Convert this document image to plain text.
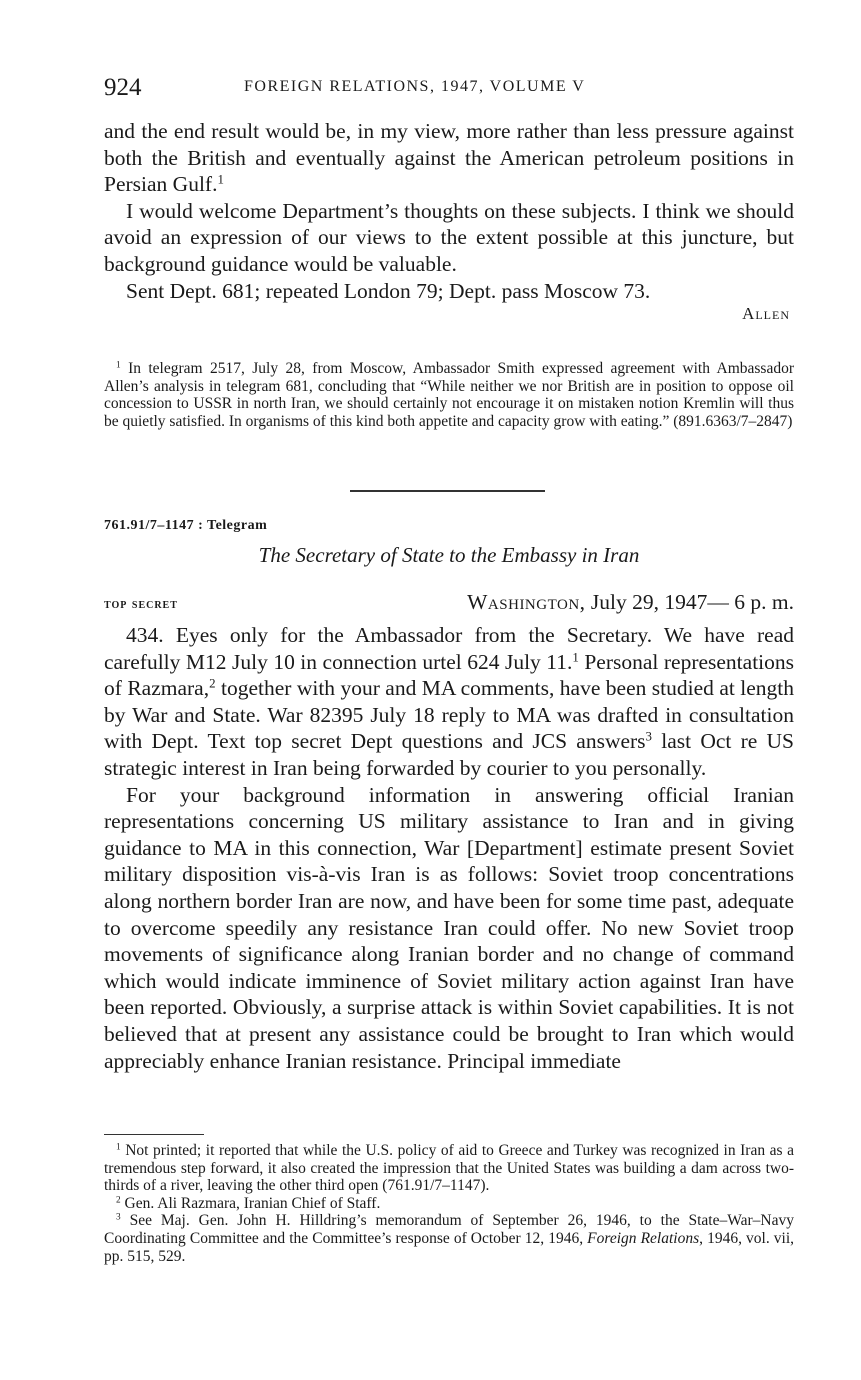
924	FOREIGN RELATIONS, 1947, VOLUME V

and the end result would be, in my view, more rather than less pressure against both the British and eventually against the American petroleum positions in Persian Gulf.$^1$

I would welcome Department’s thoughts on these subjects. I think we should avoid an expression of our views to the extent possible at this juncture, but background guidance would be valuable.

Sent Dept. 681; repeated London 79; Dept. pass Moscow 73.

Allen

$^1$ In telegram 2517, July 28, from Moscow, Ambassador Smith expressed agreement with Ambassador Allen’s analysis in telegram 681, concluding that “While neither we nor British are in position to oppose oil concession to USSR in north Iran, we should certainly not encourage it on mistaken notion Kremlin will thus be quietly satisfied. In organisms of this kind both appetite and capacity grow with eating.” (891.6363/7–2847)

761.91/7–1147 : Telegram
The Secretary of State to the Embassy in Iran
top secret	Washington, July 29, 1947— 6 p. m.

434. Eyes only for the Ambassador from the Secretary. We have read carefully M12 July 10 in connection urtel 624 July 11.$^1$ Personal representations of Razmara,$^2$ together with your and MA comments, have been studied at length by War and State. War 82395 July 18 reply to MA was drafted in consultation with Dept. Text top secret Dept questions and JCS answers$^3$ last Oct re US strategic interest in Iran being forwarded by courier to you personally.

For your background information in answering official Iranian representations concerning US military assistance to Iran and in giving guidance to MA in this connection, War [Department] estimate present Soviet military disposition vis-à-vis Iran is as follows: Soviet troop concentrations along northern border Iran are now, and have been for some time past, adequate to overcome speedily any resistance Iran could offer. No new Soviet troop movements of significance along Iranian border and no change of command which would indicate imminence of Soviet military action against Iran have been reported. Obviously, a surprise attack is within Soviet capabilities. It is not believed that at present any assistance could be brought to Iran which would appreciably enhance Iranian resistance. Principal immediate

$^1$ Not printed; it reported that while the U.S. policy of aid to Greece and Turkey was recognized in Iran as a tremendous step forward, it also created the impression that the United States was building a dam across two-thirds of a river, leaving the other third open (761.91/7–1147).

$^2$ Gen. Ali Razmara, Iranian Chief of Staff.

$^3$ See Maj. Gen. John H. Hilldring’s memorandum of September 26, 1946, to the State–War–Navy Coordinating Committee and the Committee’s response of October 12, 1946, Foreign Relations, 1946, vol. vii, pp. 515, 529.
